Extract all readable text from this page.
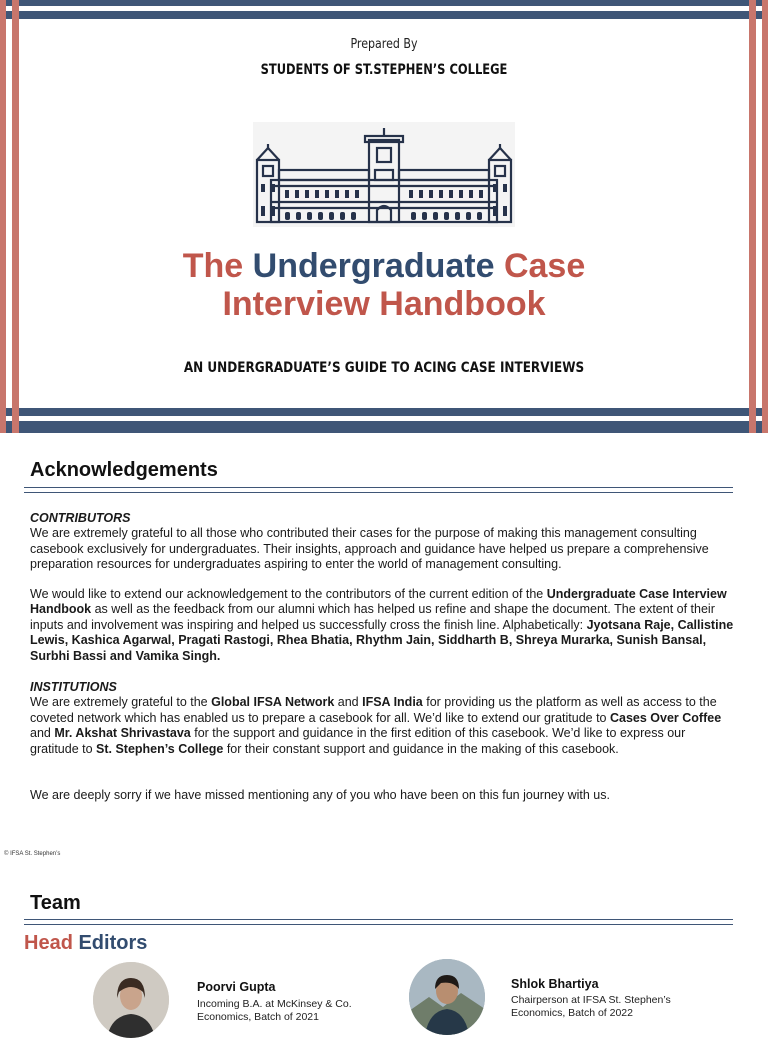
Prepared By
STUDENTS OF ST.STEPHEN’S COLLEGE
The Undergraduate Case
Interview Handbook
AN UNDERGRADUATE’S GUIDE TO ACING CASE INTERVIEWS
Acknowledgements
CONTRIBUTORS
We are extremely grateful to all those who contributed their cases for the purpose of making this management consulting casebook exclusively for undergraduates. Their insights, approach and guidance have helped us prepare a comprehensive preparation resources for undergraduates aspiring to enter the world of management consulting.
We would like to extend our acknowledgement to the contributors of the current edition of the Undergraduate Case Interview Handbook as well as the feedback from our alumni which has helped us refine and shape the document. The extent of their inputs and involvement was inspiring and helped us successfully cross the finish line. Alphabetically: Jyotsana Raje, Callistine Lewis, Kashica Agarwal, Pragati Rastogi, Rhea Bhatia, Rhythm Jain, Siddharth B, Shreya Murarka, Sunish Bansal, Surbhi Bassi and Vamika Singh.
INSTITUTIONS
We are extremely grateful to the Global IFSA Network and IFSA India for providing us the platform as well as access to the coveted network which has enabled us to prepare a casebook for all. We’d like to extend our gratitude to Cases Over Coffee and Mr. Akshat Shrivastava for the support and guidance in the first edition of this casebook. We’d like to express our gratitude to St. Stephen’s College for their constant support and guidance in the making of this casebook.
We are deeply sorry if we have missed mentioning any of you who have been on this fun journey with us.
© IFSA St. Stephen’s
Team
Head Editors
Poorvi Gupta
Incoming B.A. at McKinsey & Co.
Economics, Batch of 2021
Shlok Bhartiya
Chairperson at IFSA St. Stephen’s
Economics, Batch of 2022
